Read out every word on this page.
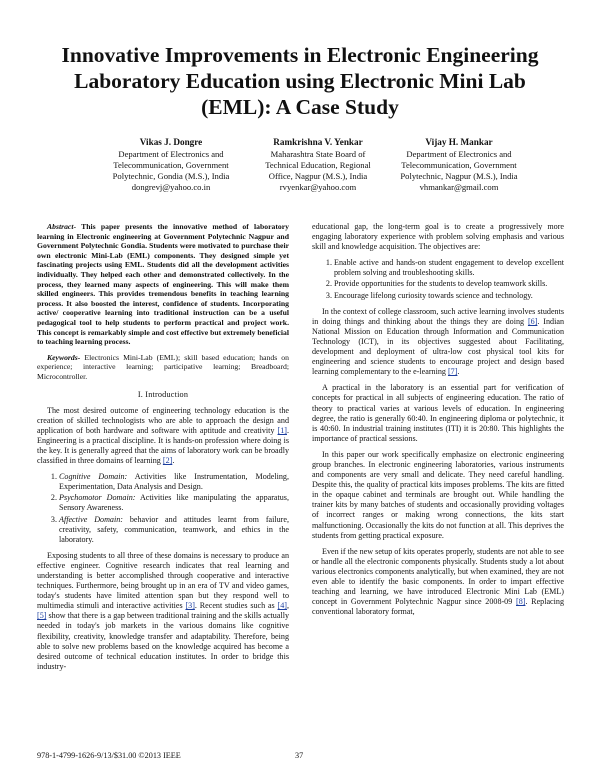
Innovative Improvements in Electronic Engineering Laboratory Education using Electronic Mini Lab (EML): A Case Study
Vikas J. Dongre
Department of Electronics and
Telecommunication, Government
Polytechnic, Gondia (M.S.), India
dongrevj@yahoo.co.in
Ramkrishna V. Yenkar
Maharashtra State Board of
Technical Education, Regional
Office, Nagpur (M.S.), India
rvyenkar@yahoo.com
Vijay H. Mankar
Department of Electronics and
Telecommunication, Government
Polytechnic, Nagpur (M.S.), India
vhmankar@gmail.com
Abstract- This paper presents the innovative method of laboratory learning in Electronic engineering at Government Polytechnic Nagpur and Government Polytechnic Gondia. Students were motivated to purchase their own electronic Mini-Lab (EML) components. They designed simple yet fascinating projects using EML. Students did all the development activities individually. They helped each other and demonstrated collectively. In the process, they learned many aspects of engineering. This will make them skilled engineers. This provides tremendous benefits in teaching learning process. It also boosted the interest, confidence of students. Incorporating active/ cooperative learning into traditional instruction can be a useful pedagogical tool to help students to perform practical and project work. This concept is remarkably simple and cost effective but extremely beneficial to teaching learning process.
Keywords- Electronics Mini-Lab (EML); skill based education; hands on experience; interactive learning; participative learning; Breadboard; Microcontroller.
I. Introduction

The most desired outcome of engineering technology education is the creation of skilled technologists who are able to approach the design and application of both hardware and software with aptitude and creativity [1]. Engineering is a practical discipline. It is hands-on profession where doing is the key. It is generally agreed that the aims of laboratory work can be broadly classified in three domains of learning [2].

1. Cognitive Domain: Activities like Instrumentation, Modeling, Experimentation, Data Analysis and Design.
2. Psychomotor Domain: Activities like manipulating the apparatus, Sensory Awareness.
3. Affective Domain: behavior and attitudes learnt from failure, creativity, safety, communication, teamwork, and ethics in the laboratory.

Exposing students to all three of these domains is necessary to produce an effective engineer. Cognitive research indicates that real learning and understanding is better accomplished through cooperative and interactive techniques. Furthermore, being brought up in an era of TV and video games, today's students have limited attention span but they respond well to multimedia stimuli and interactive activities [3]. Recent studies such as [4], [5] show that there is a gap between traditional training and the skills actually needed in today's job markets in the various domains like cognitive flexibility, creativity, knowledge transfer and adaptability. Therefore, being able to solve new problems based on the knowledge acquired has become a desired outcome of technical education institutes. In order to bridge this industry-

educational gap, the long-term goal is to create a progressively more engaging laboratory experience with problem solving emphasis and various skill and knowledge acquisition. The objectives are:

1. Enable active and hands-on student engagement to develop excellent problem solving and troubleshooting skills.
2. Provide opportunities for the students to develop teamwork skills.
3. Encourage lifelong curiosity towards science and technology.

In the context of college classroom, such active learning involves students in doing things and thinking about the things they are doing [6]. Indian National Mission on Education through Information and Communication Technology (ICT), in its objectives suggested about Facilitating, development and deployment of ultra-low cost physical tool kits for engineering and science students to encourage project and design based learning complementary to the e-learning [7].

A practical in the laboratory is an essential part for verification of concepts for practical in all subjects of engineering education. The ratio of theory to practical varies at various levels of education. In engineering degree, the ratio is generally 60:40. In engineering diploma or polytechnic, it is 40:60. In industrial training institutes (ITI) it is 20:80. This highlights the importance of practical sessions.

In this paper our work specifically emphasize on electronic engineering group branches. In electronic engineering laboratories, various instruments and components are very small and delicate. They need careful handling. Despite this, the quality of practical kits imposes problems. The kits are fitted in the opaque cabinet and terminals are brought out. While handling the trainer kits by many batches of students and occasionally providing voltages of incorrect ranges or making wrong connections, the kits start malfunctioning. Occasionally the kits do not function at all. This deprives the students from getting practical exposure.

Even if the new setup of kits operates properly, students are not able to see or handle all the electronic components physically. Students study a lot about various electronics components analytically, but when examined, they are not even able to identify the basic components. In order to impart effective teaching and learning, we have introduced Electronic Mini Lab (EML) concept in Government Polytechnic Nagpur since 2008-09 [8]. Replacing conventional laboratory format,

978-1-4799-1626-9/13/$31.00 ©2013 IEEE	37
